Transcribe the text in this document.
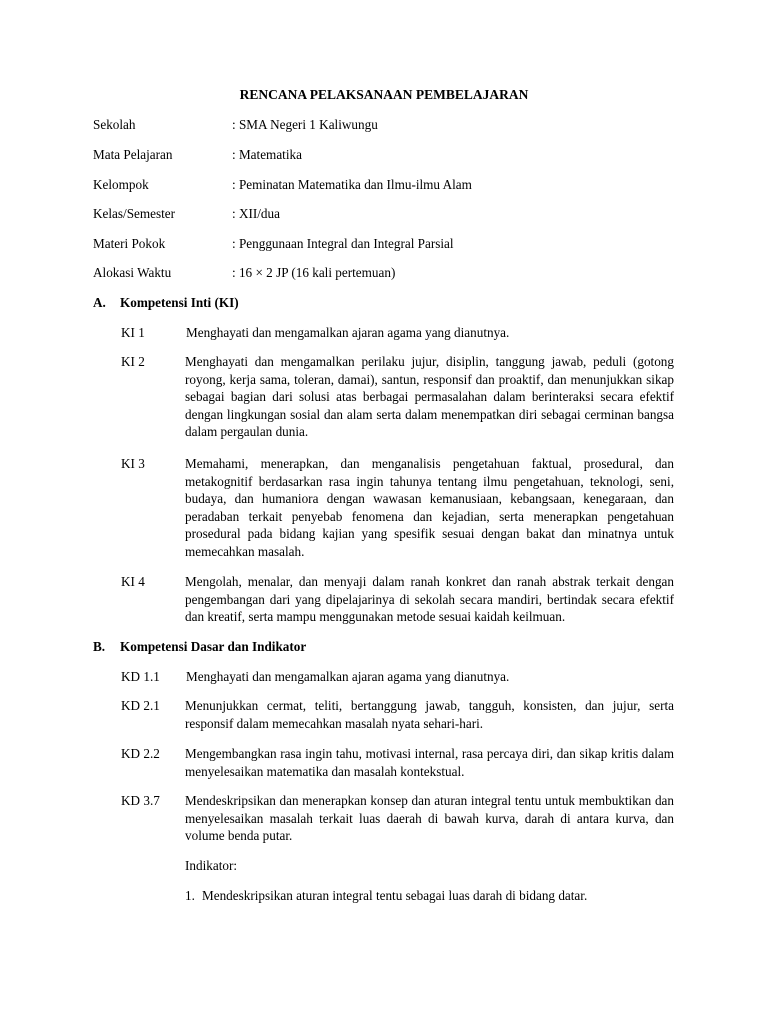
RENCANA PELAKSANAAN PEMBELAJARAN
Sekolah	: SMA Negeri 1 Kaliwungu
Mata Pelajaran	: Matematika
Kelompok	: Peminatan Matematika dan Ilmu-ilmu Alam
Kelas/Semester	: XII/dua
Materi Pokok	: Penggunaan Integral dan Integral Parsial
Alokasi Waktu	: 16 × 2 JP (16 kali pertemuan)
A. Kompetensi Inti (KI)
KI 1	Menghayati dan mengamalkan ajaran agama yang dianutnya.
KI 2	Menghayati dan mengamalkan perilaku jujur, disiplin, tanggung jawab, peduli (gotong royong, kerja sama, toleran, damai), santun, responsif dan proaktif, dan menunjukkan sikap sebagai bagian dari solusi atas berbagai permasalahan dalam berinteraksi secara efektif dengan lingkungan sosial dan alam serta dalam menempatkan diri sebagai cerminan bangsa dalam pergaulan dunia.
KI 3	Memahami, menerapkan, dan menganalisis pengetahuan faktual, prosedural, dan metakognitif berdasarkan rasa ingin tahunya tentang ilmu pengetahuan, teknologi, seni, budaya, dan humaniora dengan wawasan kemanusiaan, kebangsaan, kenegaraan, dan peradaban terkait penyebab fenomena dan kejadian, serta menerapkan pengetahuan prosedural pada bidang kajian yang spesifik sesuai dengan bakat dan minatnya untuk memecahkan masalah.
KI 4	Mengolah, menalar, dan menyaji dalam ranah konkret dan ranah abstrak terkait dengan pengembangan dari yang dipelajarinya di sekolah secara mandiri, bertindak secara efektif dan kreatif, serta mampu menggunakan metode sesuai kaidah keilmuan.
B. Kompetensi Dasar dan Indikator
KD 1.1 Menghayati dan mengamalkan ajaran agama yang dianutnya.
KD 2.1 Menunjukkan cermat, teliti, bertanggung jawab, tangguh, konsisten, dan jujur, serta responsif dalam memecahkan masalah nyata sehari-hari.
KD 2.2 Mengembangkan rasa ingin tahu, motivasi internal, rasa percaya diri, dan sikap kritis dalam menyelesaikan matematika dan masalah kontekstual.
KD 3.7 Mendeskripsikan dan menerapkan konsep dan aturan integral tentu untuk membuktikan dan menyelesaikan masalah terkait luas daerah di bawah kurva, darah di antara kurva, dan volume benda putar.
Indikator:
1. Mendeskripsikan aturan integral tentu sebagai luas darah di bidang datar.
